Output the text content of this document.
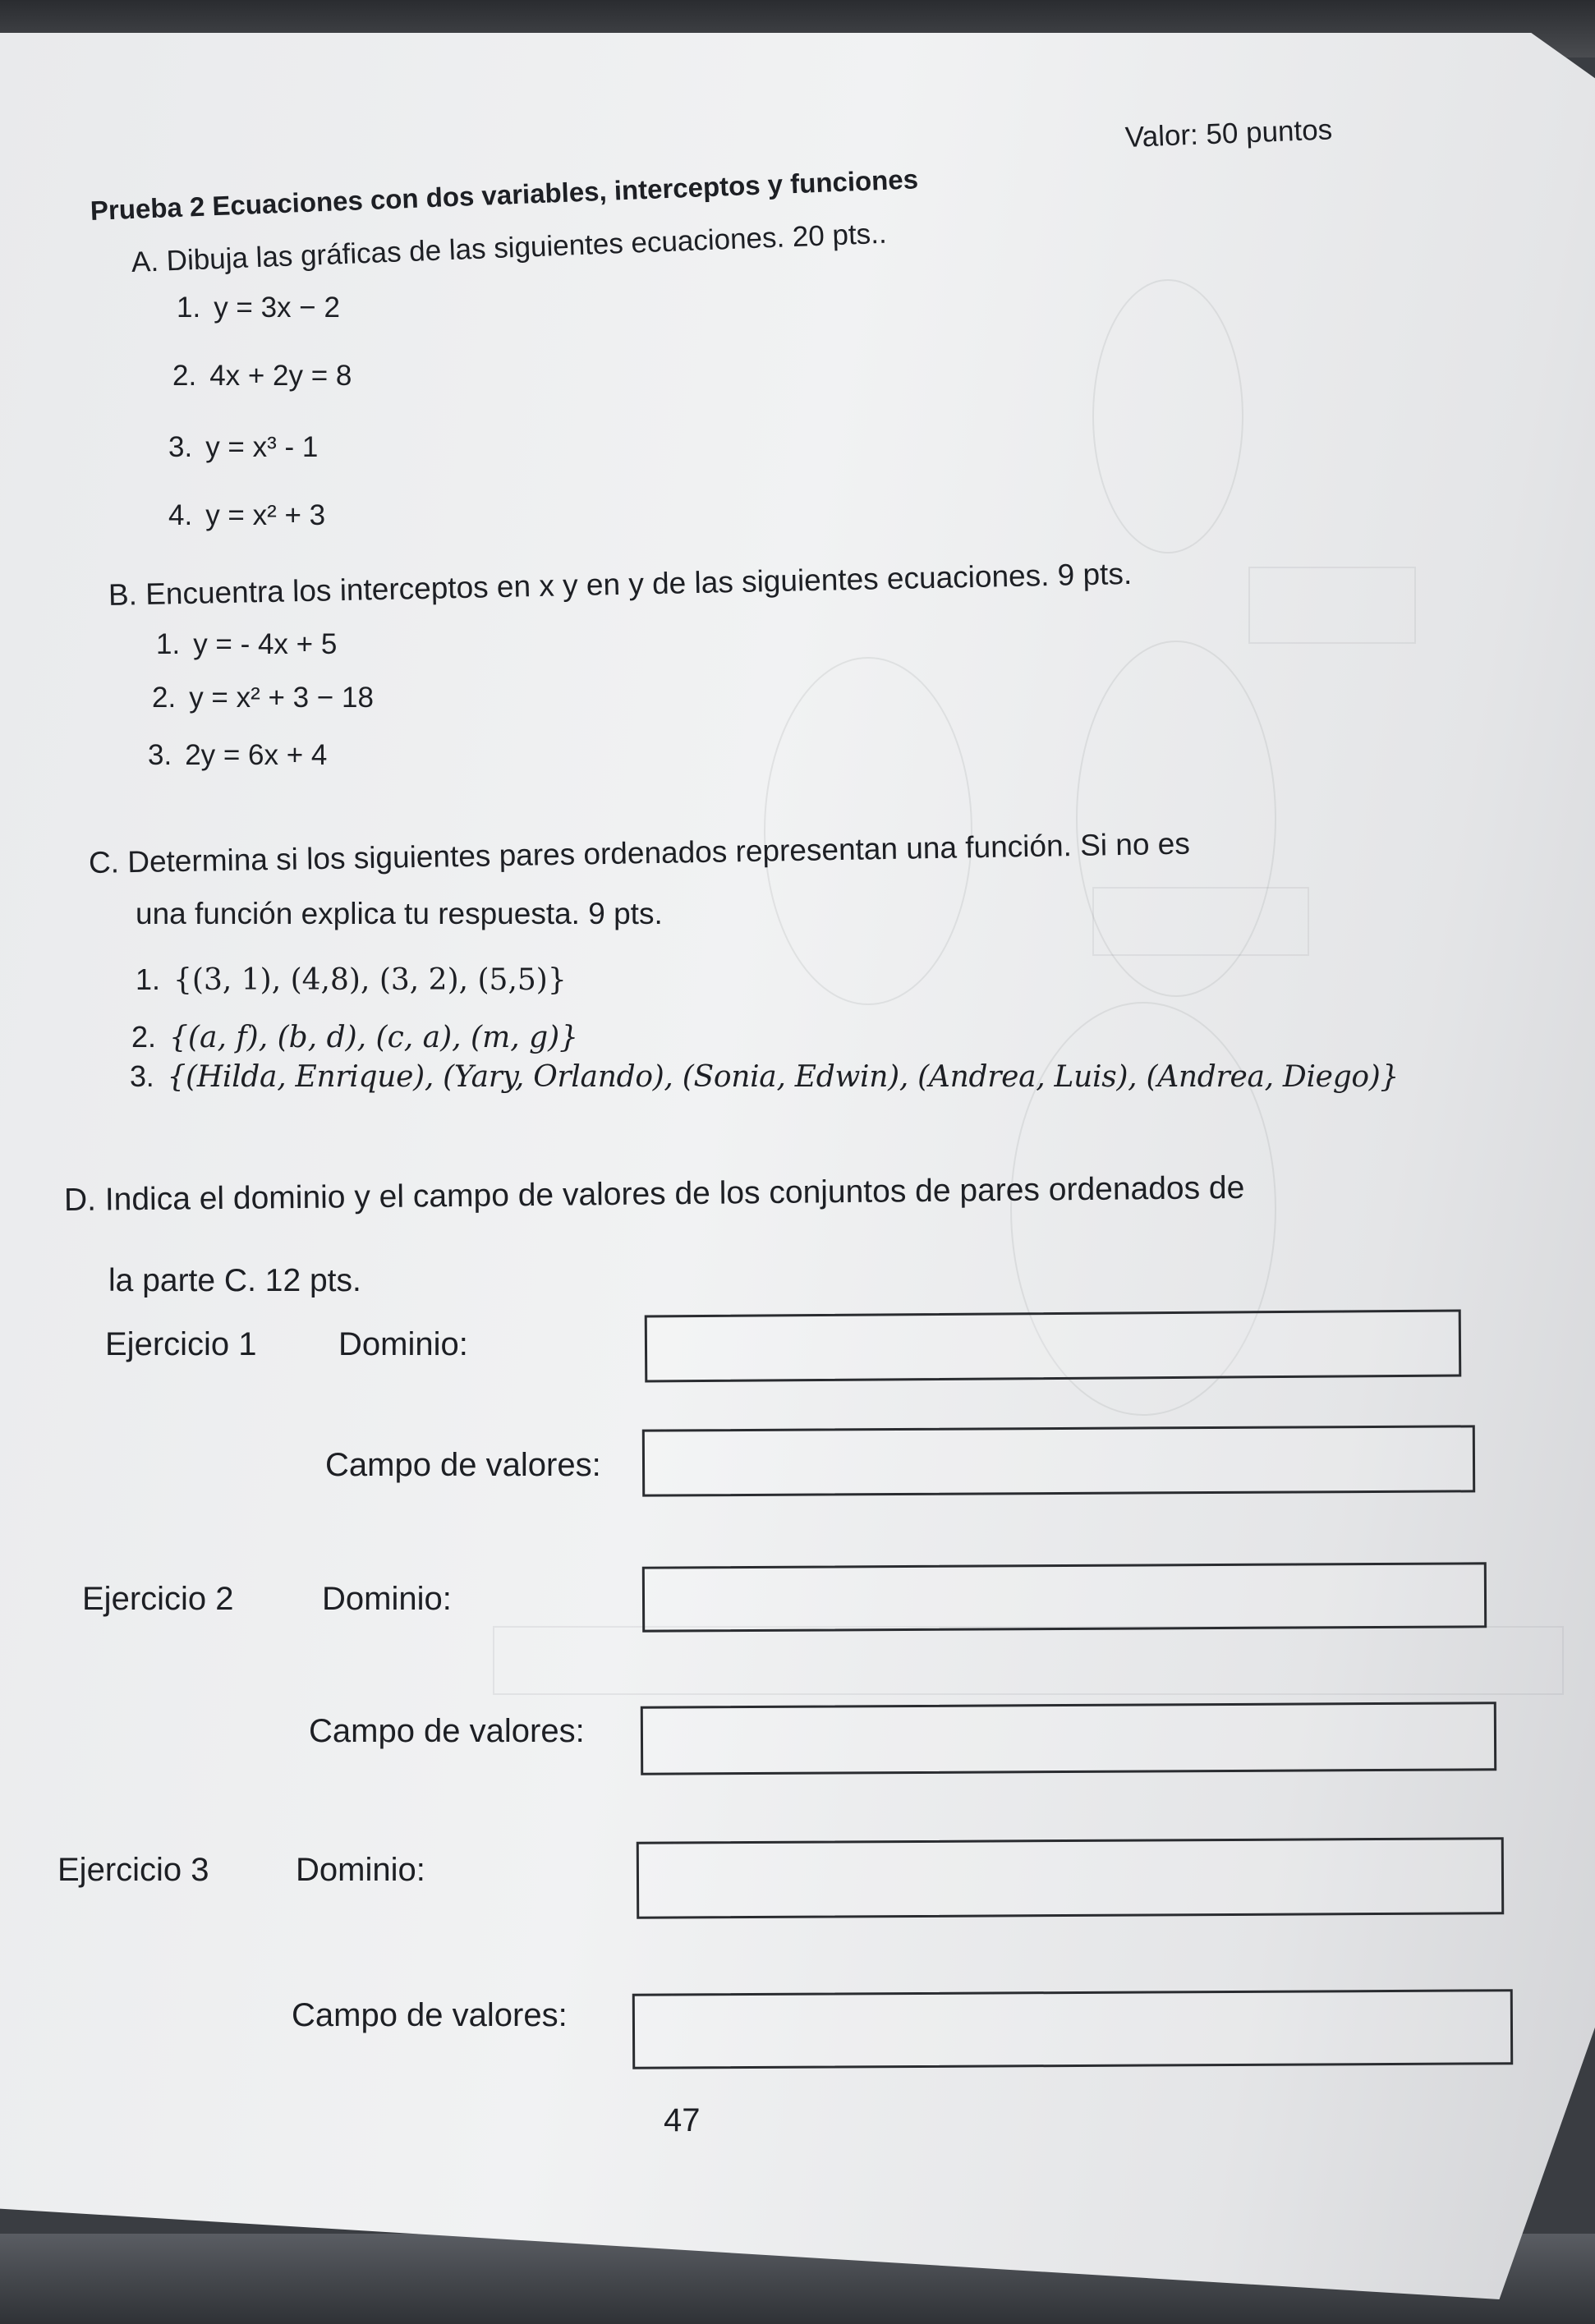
Prueba 2 Ecuaciones con dos variables, interceptos y funciones
Valor: 50 puntos
A. Dibuja las gráficas de las siguientes ecuaciones. 20 pts..
1. y = 3x − 2
2. 4x + 2y = 8
3. y = x³ - 1
4. y = x² + 3
B. Encuentra los interceptos en x y en y de las siguientes ecuaciones. 9 pts.
1. y = - 4x + 5
2. y = x² + 3 − 18
3. 2y = 6x + 4
C. Determina si los siguientes pares ordenados representan una función. Si no es
una función explica tu respuesta. 9 pts.
1. {(3, 1), (4,8), (3, 2), (5,5)}
2. {(a, f), (b, d), (c, a), (m, g)}
3. {(Hilda, Enrique), (Yary, Orlando), (Sonia, Edwin), (Andrea, Luis), (Andrea, Diego)}
D. Indica el dominio y el campo de valores de los conjuntos de pares ordenados de
la parte C. 12 pts.
Ejercicio 1 Dominio:
Campo de valores:
Ejercicio 2	Dominio:
Campo de valores:
Ejercicio 3	Dominio:
Campo de valores:
47
